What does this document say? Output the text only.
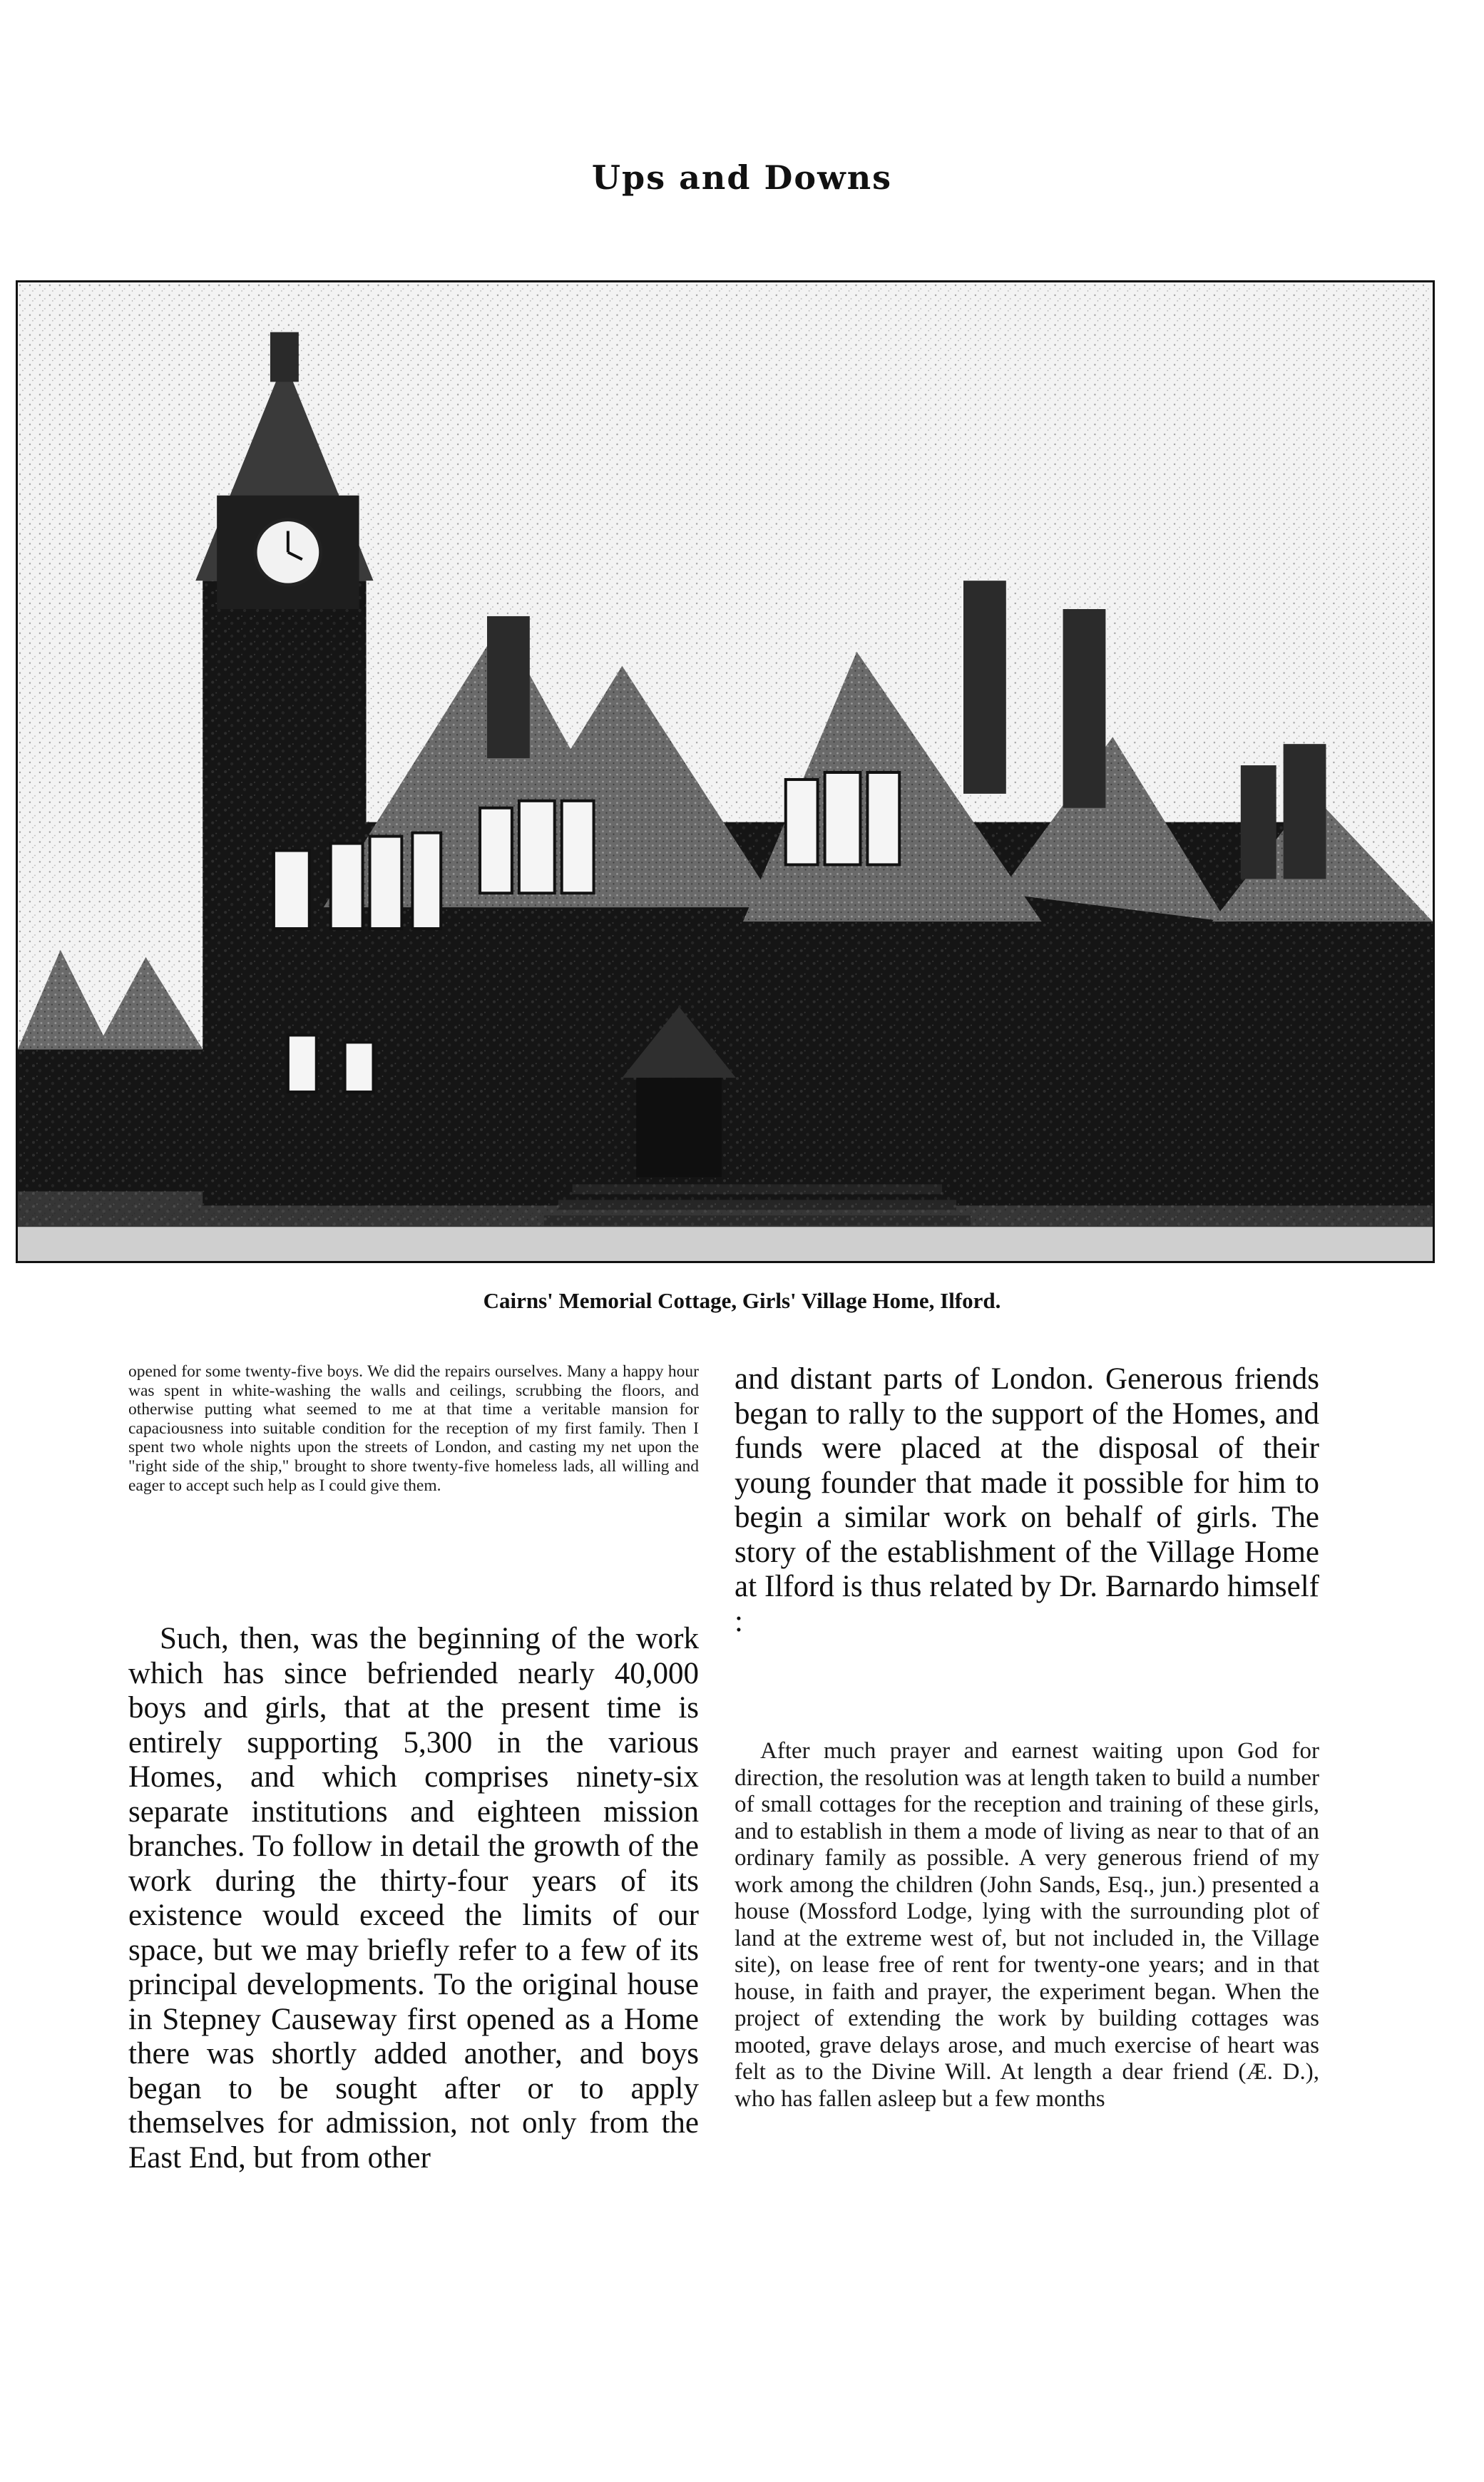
Ups and Downs
Cairns' Memorial Cottage, Girls' Village Home, Ilford.

opened for some twenty-five boys. We did the repairs ourselves. Many a happy hour was spent in white-washing the walls and ceilings, scrubbing the floors, and otherwise putting what seemed to me at that time a veritable mansion for capaciousness into suitable condition for the reception of my first family. Then I spent two whole nights upon the streets of London, and casting my net upon the "right side of the ship," brought to shore twenty-five homeless lads, all willing and eager to accept such help as I could give them.

Such, then, was the beginning of the work which has since befriended nearly 40,000 boys and girls, that at the present time is entirely supporting 5,300 in the various Homes, and which comprises ninety-six separate institutions and eighteen mission branches. To follow in detail the growth of the work during the thirty-four years of its existence would exceed the limits of our space, but we may briefly refer to a few of its principal developments. To the original house in Stepney Causeway first opened as a Home there was shortly added another, and boys began to be sought after or to apply themselves for admission, not only from the East End, but from other

and distant parts of London. Generous friends began to rally to the support of the Homes, and funds were placed at the disposal of their young founder that made it possible for him to begin a similar work on behalf of girls. The story of the establishment of the Village Home at Ilford is thus related by Dr. Barnardo himself :

After much prayer and earnest waiting upon God for direction, the resolution was at length taken to build a number of small cottages for the reception and training of these girls, and to establish in them a mode of living as near to that of an ordinary family as possible. A very generous friend of my work among the children (John Sands, Esq., jun.) presented a house (Mossford Lodge, lying with the surrounding plot of land at the extreme west of, but not included in, the Village site), on lease free of rent for twenty-one years; and in that house, in faith and prayer, the experiment began. When the project of extending the work by building cottages was mooted, grave delays arose, and much exercise of heart was felt as to the Divine Will. At length a dear friend (Æ. D.), who has fallen asleep but a few months
